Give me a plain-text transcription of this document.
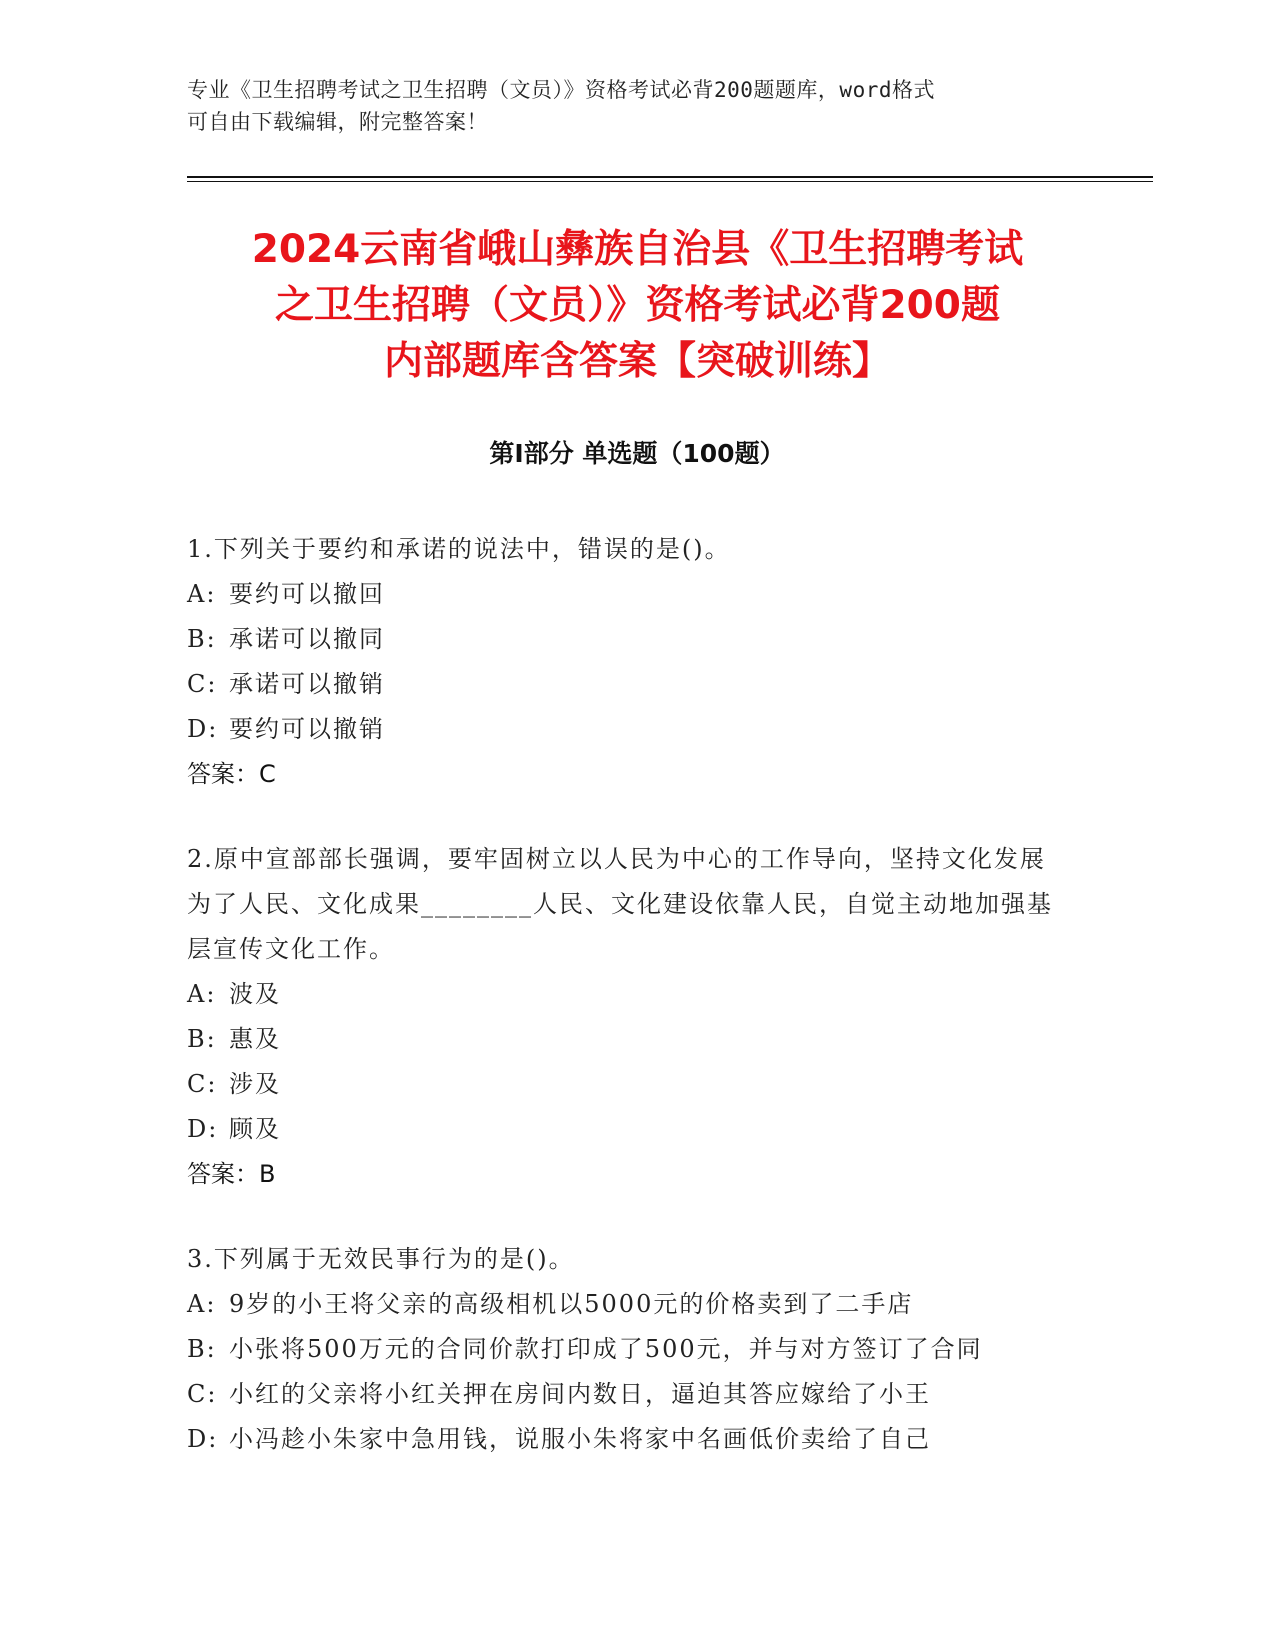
专业《卫生招聘考试之卫生招聘（文员）》资格考试必背200题题库，word格式
可自由下载编辑，附完整答案！
2024云南省峨山彝族自治县《卫生招聘考试
之卫生招聘（文员）》资格考试必背200题
内部题库含答案【突破训练】
第Ⅰ部分 单选题（100题）

1.下列关于要约和承诺的说法中，错误的是()。

A: 要约可以撤回

B: 承诺可以撤同

C: 承诺可以撤销

D: 要约可以撤销

答案：C

2.原中宣部部长强调，要牢固树立以人民为中心的工作导向，坚持文化发展为了人民、文化成果________人民、文化建设依靠人民，自觉主动地加强基层宣传文化工作。

A: 波及

B: 惠及

C: 涉及

D: 顾及

答案：B

3.下列属于无效民事行为的是()。

A: 9岁的小王将父亲的高级相机以5000元的价格卖到了二手店

B: 小张将500万元的合同价款打印成了500元，并与对方签订了合同

C: 小红的父亲将小红关押在房间内数日，逼迫其答应嫁给了小王

D: 小冯趁小朱家中急用钱，说服小朱将家中名画低价卖给了自己
